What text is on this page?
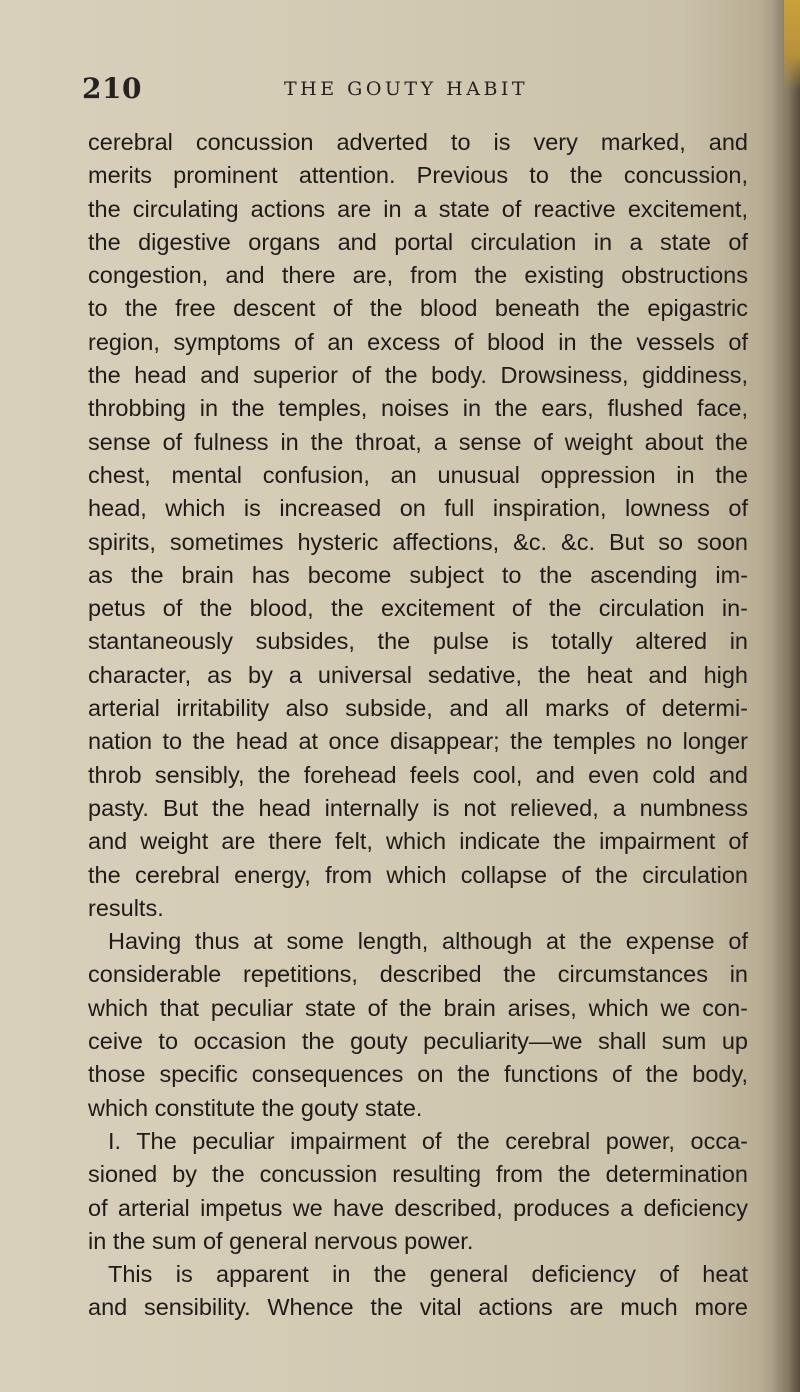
210	THE GOUTY HABIT
cerebral concussion adverted to is very marked, and
merits prominent attention. Previous to the concussion,
the circulating actions are in a state of reactive excitement,
the digestive organs and portal circulation in a state of
congestion, and there are, from the existing obstructions
to the free descent of the blood beneath the epigastric
region, symptoms of an excess of blood in the vessels of
the head and superior of the body. Drowsiness, giddiness,
throbbing in the temples, noises in the ears, flushed face,
sense of fulness in the throat, a sense of weight about the
chest, mental confusion, an unusual oppression in the
head, which is increased on full inspiration, lowness of
spirits, sometimes hysteric affections, &c. &c. But so soon
as the brain has become subject to the ascending im-
petus of the blood, the excitement of the circulation in-
stantaneously subsides, the pulse is totally altered in
character, as by a universal sedative, the heat and high
arterial irritability also subside, and all marks of determi-
nation to the head at once disappear; the temples no longer
throb sensibly, the forehead feels cool, and even cold and
pasty. But the head internally is not relieved, a numbness
and weight are there felt, which indicate the impairment of
the cerebral energy, from which collapse of the circulation
results.
Having thus at some length, although at the expense of
considerable repetitions, described the circumstances in
which that peculiar state of the brain arises, which we con-
ceive to occasion the gouty peculiarity—we shall sum up
those specific consequences on the functions of the body,
which constitute the gouty state.
I. The peculiar impairment of the cerebral power, occa-
sioned by the concussion resulting from the determination
of arterial impetus we have described, produces a deficiency
in the sum of general nervous power.
This is apparent in the general deficiency of heat
and sensibility. Whence the vital actions are much more
